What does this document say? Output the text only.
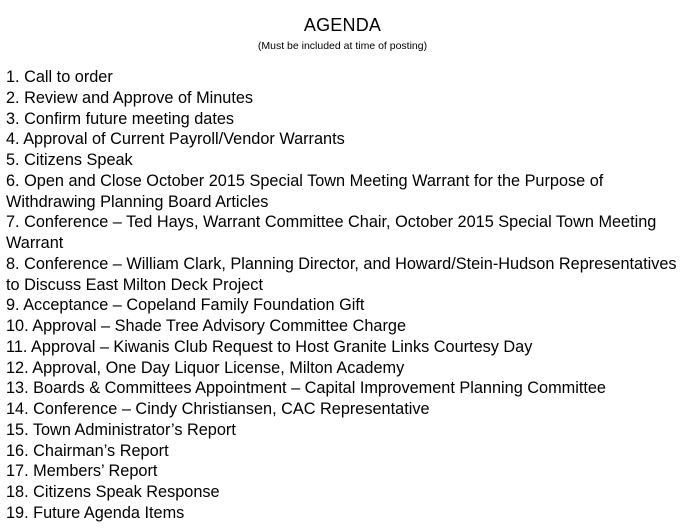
AGENDA
(Must be included at time of posting)
1. Call to order
2. Review and Approve of Minutes
3. Confirm future meeting dates
4. Approval of Current Payroll/Vendor Warrants
5. Citizens Speak
6. Open and Close October 2015 Special Town Meeting Warrant for the Purpose of Withdrawing Planning Board Articles
7. Conference – Ted Hays, Warrant Committee Chair, October 2015 Special Town Meeting Warrant
8. Conference – William Clark, Planning Director, and Howard/Stein-Hudson Representatives to Discuss East Milton Deck Project
9. Acceptance – Copeland Family Foundation Gift
10. Approval – Shade Tree Advisory Committee Charge
11. Approval – Kiwanis Club Request to Host Granite Links Courtesy Day
12. Approval, One Day Liquor License, Milton Academy
13. Boards & Committees Appointment – Capital Improvement Planning Committee
14. Conference – Cindy Christiansen, CAC Representative
15. Town Administrator’s Report
16. Chairman’s Report
17. Members’ Report
18. Citizens Speak Response
19. Future Agenda Items
